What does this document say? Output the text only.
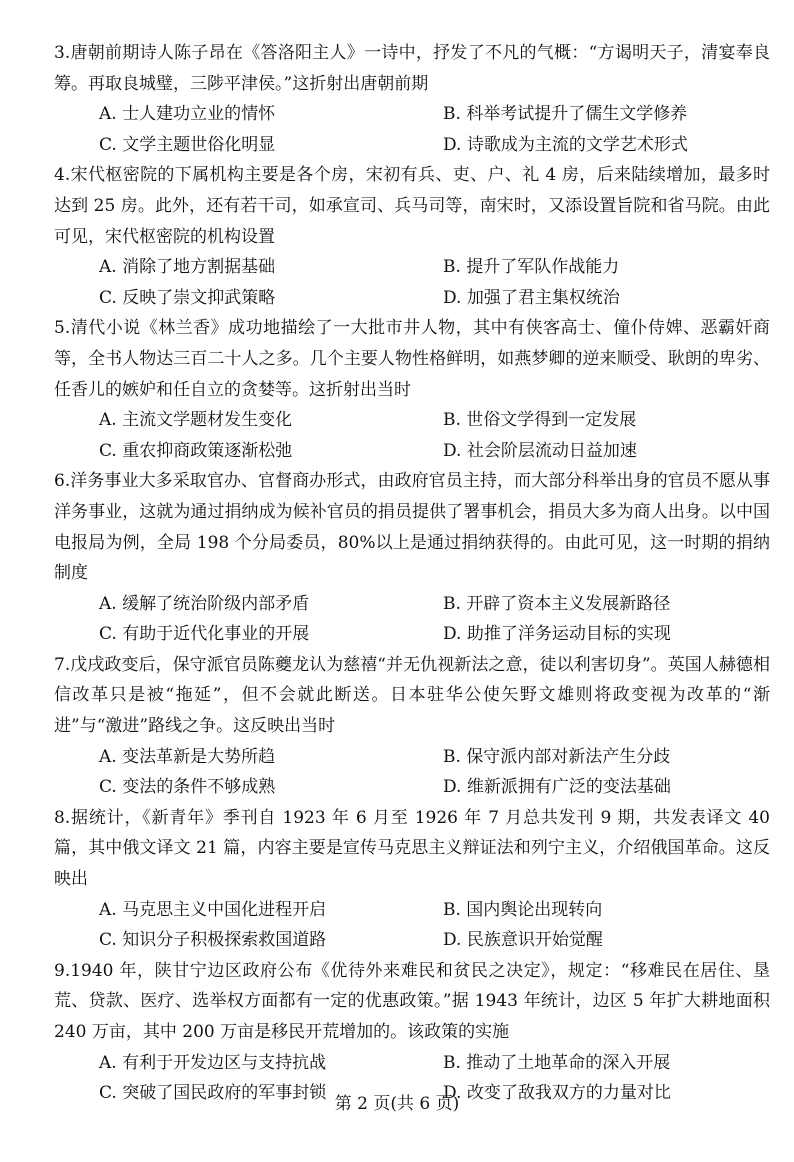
3.唐朝前期诗人陈子昂在《答洛阳主人》一诗中，抒发了不凡的气概：“方谒明天子，清宴奉良筹。再取良城璧，三陟平津侯。”这折射出唐朝前期

A. 士人建功立业的情怀	B. 科举考试提升了儒生文学修养
C. 文学主题世俗化明显	D. 诗歌成为主流的文学艺术形式

4.宋代枢密院的下属机构主要是各个房，宋初有兵、吏、户、礼 4 房，后来陆续增加，最多时达到 25 房。此外，还有若干司，如承宣司、兵马司等，南宋时，又添设置旨院和省马院。由此可见，宋代枢密院的机构设置

A. 消除了地方割据基础	B. 提升了军队作战能力
C. 反映了崇文抑武策略	D. 加强了君主集权统治

5.清代小说《林兰香》成功地描绘了一大批市井人物，其中有侠客高士、僮仆侍婢、恶霸奸商等，全书人物达三百二十人之多。几个主要人物性格鲜明，如燕梦卿的逆来顺受、耿朗的卑劣、任香儿的嫉妒和任自立的贪婪等。这折射出当时

A. 主流文学题材发生变化	B. 世俗文学得到一定发展
C. 重农抑商政策逐渐松弛	D. 社会阶层流动日益加速

6.洋务事业大多采取官办、官督商办形式，由政府官员主持，而大部分科举出身的官员不愿从事洋务事业，这就为通过捐纳成为候补官员的捐员提供了署事机会，捐员大多为商人出身。以中国电报局为例，全局 198 个分局委员，80%以上是通过捐纳获得的。由此可见，这一时期的捐纳制度

A. 缓解了统治阶级内部矛盾	B. 开辟了资本主义发展新路径
C. 有助于近代化事业的开展	D. 助推了洋务运动目标的实现

7.戊戌政变后，保守派官员陈夔龙认为慈禧“并无仇视新法之意，徒以利害切身”。英国人赫德相信改革只是被“拖延”，但不会就此断送。日本驻华公使矢野文雄则将政变视为改革的“渐进”与“激进”路线之争。这反映出当时

A. 变法革新是大势所趋	B. 保守派内部对新法产生分歧
C. 变法的条件不够成熟	D. 维新派拥有广泛的变法基础

8.据统计，《新青年》季刊自 1923 年 6 月至 1926 年 7 月总共发刊 9 期，共发表译文 40 篇，其中俄文译文 21 篇，内容主要是宣传马克思主义辩证法和列宁主义，介绍俄国革命。这反映出

A. 马克思主义中国化进程开启	B. 国内舆论出现转向
C. 知识分子积极探索救国道路	D. 民族意识开始觉醒

9.1940 年，陕甘宁边区政府公布《优待外来难民和贫民之决定》，规定：“移难民在居住、垦荒、贷款、医疗、选举权方面都有一定的优惠政策。”据 1943 年统计，边区 5 年扩大耕地面积 240 万亩，其中 200 万亩是移民开荒增加的。该政策的实施

A. 有利于开发边区与支持抗战	B. 推动了土地革命的深入开展
C. 突破了国民政府的军事封锁	D. 改变了敌我双方的力量对比
第 2 页(共 6 页)
